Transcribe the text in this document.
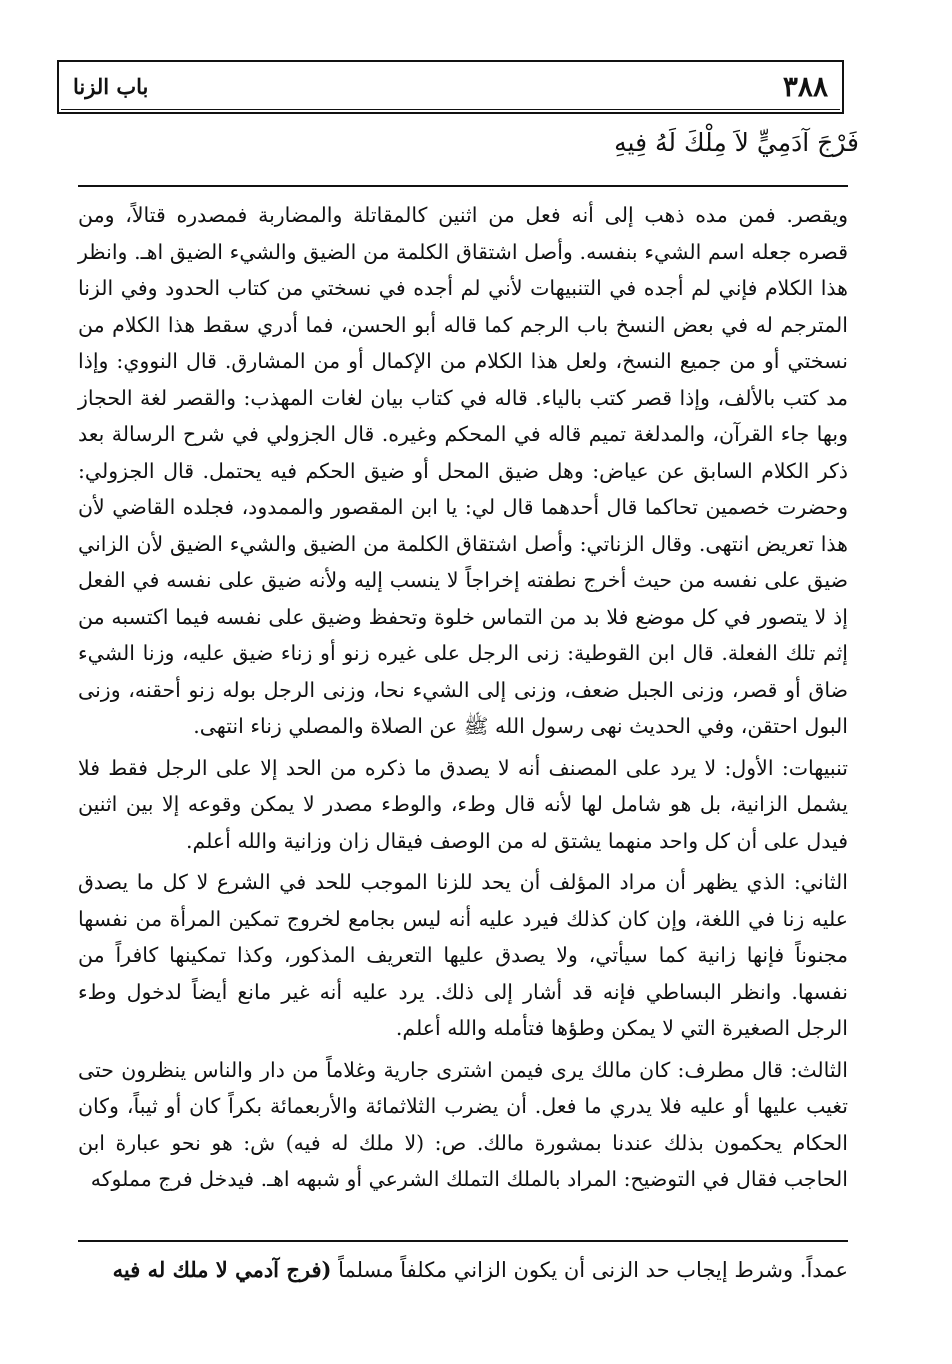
٣٨٨
باب الزنا
فَرْجَ آدَمِيٍّ لاَ مِلْكَ لَهُ فِيهِ

ويقصر. فمن مده ذهب إلى أنه فعل من اثنين كالمقاتلة والمضاربة فمصدره قتالاً، ومن قصره جعله اسم الشيء بنفسه. وأصل اشتقاق الكلمة من الضيق والشيء الضيق اهـ. وانظر هذا الكلام فإني لم أجده في التنبيهات لأني لم أجده في نسختي من كتاب الحدود وفي الزنا المترجم له في بعض النسخ باب الرجم كما قاله أبو الحسن، فما أدري سقط هذا الكلام من نسختي أو من جميع النسخ، ولعل هذا الكلام من الإكمال أو من المشارق. قال النووي: وإذا مد كتب بالألف، وإذا قصر كتب بالياء. قاله في كتاب بيان لغات المهذب: والقصر لغة الحجاز وبها جاء القرآن، والمدلغة تميم قاله في المحكم وغيره. قال الجزولي في شرح الرسالة بعد ذكر الكلام السابق عن عياض: وهل ضيق المحل أو ضيق الحكم فيه يحتمل. قال الجزولي: وحضرت خصمين تحاكما قال أحدهما قال لي: يا ابن المقصور والممدود، فجلده القاضي لأن هذا تعريض انتهى. وقال الزناتي: وأصل اشتقاق الكلمة من الضيق والشيء الضيق لأن الزاني ضيق على نفسه من حيث أخرج نطفته إخراجاً لا ينسب إليه ولأنه ضيق على نفسه في الفعل إذ لا يتصور في كل موضع فلا بد من التماس خلوة وتحفظ وضيق على نفسه فيما اكتسبه من إثم تلك الفعلة. قال ابن القوطية: زنى الرجل على غيره زنو أو زناء ضيق عليه، وزنا الشيء ضاق أو قصر، وزنى الجبل ضعف، وزنى إلى الشيء نحا، وزنى الرجل بوله زنو أحقنه، وزنى البول احتقن، وفي الحديث نهى رسول الله ﷺ عن الصلاة والمصلي زناء انتهى.

تنبيهات: الأول: لا يرد على المصنف أنه لا يصدق ما ذكره من الحد إلا على الرجل فقط فلا يشمل الزانية، بل هو شامل لها لأنه قال وطء، والوطء مصدر لا يمكن وقوعه إلا بين اثنين فيدل على أن كل واحد منهما يشتق له من الوصف فيقال زان وزانية والله أعلم.

الثاني: الذي يظهر أن مراد المؤلف أن يحد للزنا الموجب للحد في الشرع لا كل ما يصدق عليه زنا في اللغة، وإن كان كذلك فيرد عليه أنه ليس بجامع لخروج تمكين المرأة من نفسها مجنوناً فإنها زانية كما سيأتي، ولا يصدق عليها التعريف المذكور، وكذا تمكينها كافراً من نفسها. وانظر البساطي فإنه قد أشار إلى ذلك. يرد عليه أنه غير مانع أيضاً لدخول وطء الرجل الصغيرة التي لا يمكن وطؤها فتأمله والله أعلم.

الثالث: قال مطرف: كان مالك يرى فيمن اشترى جارية وغلاماً من دار والناس ينظرون حتى تغيب عليها أو عليه فلا يدري ما فعل. أن يضرب الثلاثمائة والأربعمائة بكراً كان أو ثيباً، وكان الحكام يحكمون بذلك عندنا بمشورة مالك. ص: (لا ملك له فيه) ش: هو نحو عبارة ابن الحاجب فقال في التوضيح: المراد بالملك التملك الشرعي أو شبهه اهـ. فيدخل فرج مملوكه

عمداً. وشرط إيجاب حد الزنى أن يكون الزاني مكلفاً مسلماً (فرج آدمي لا ملك له فيه
